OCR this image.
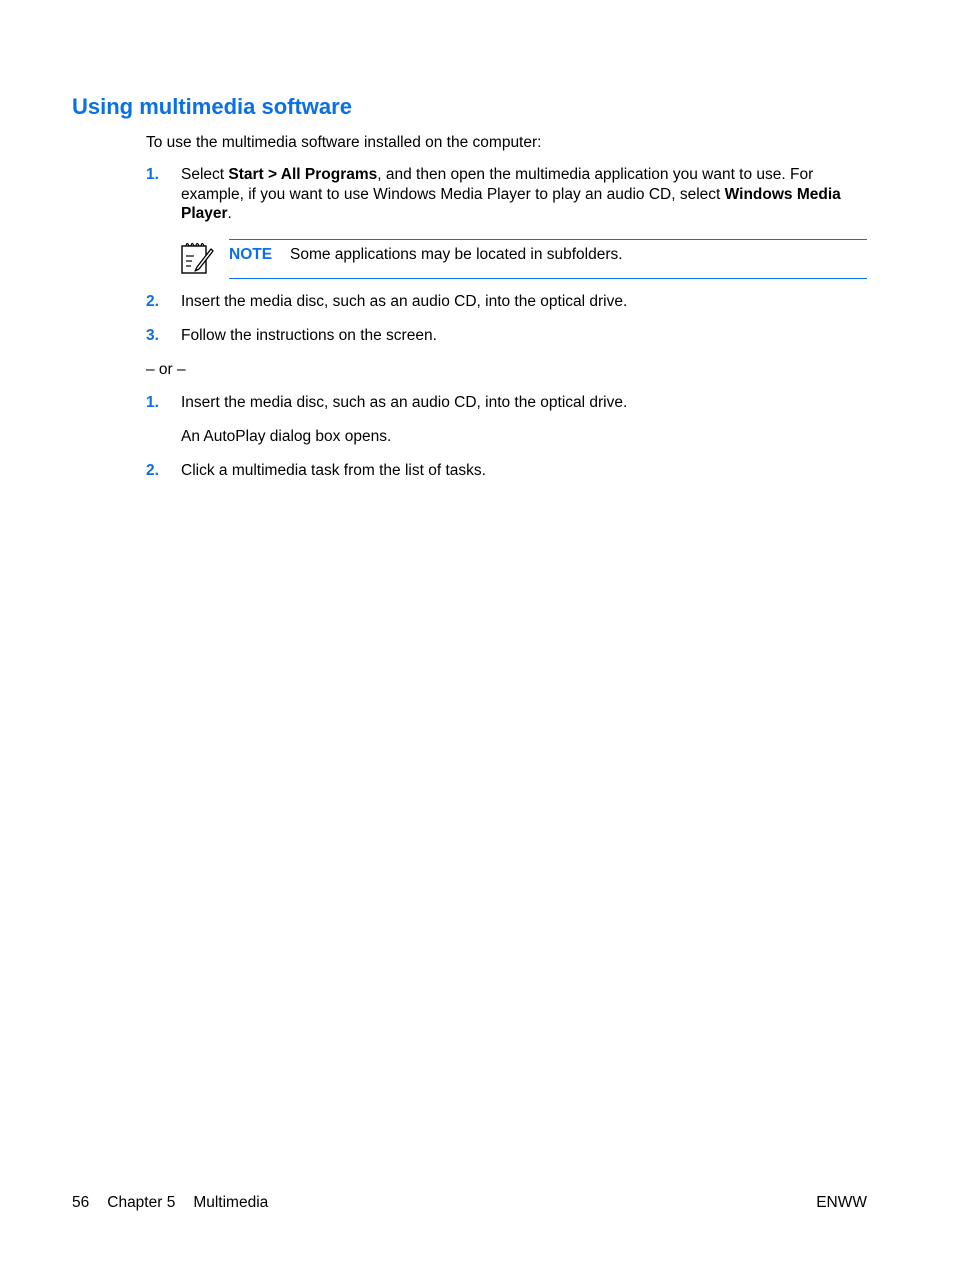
Using multimedia software

To use the multimedia software installed on the computer:

1. Select Start > All Programs, and then open the multimedia application you want to use. For example, if you want to use Windows Media Player to play an audio CD, select Windows Media Player.
NOTE Some applications may be located in subfolders.
2. Insert the media disc, such as an audio CD, into the optical drive.
3. Follow the instructions on the screen.
– or –
1. Insert the media disc, such as an audio CD, into the optical drive.
An AutoPlay dialog box opens.
2. Click a multimedia task from the list of tasks.
56 Chapter 5 Multimedia	ENWW
